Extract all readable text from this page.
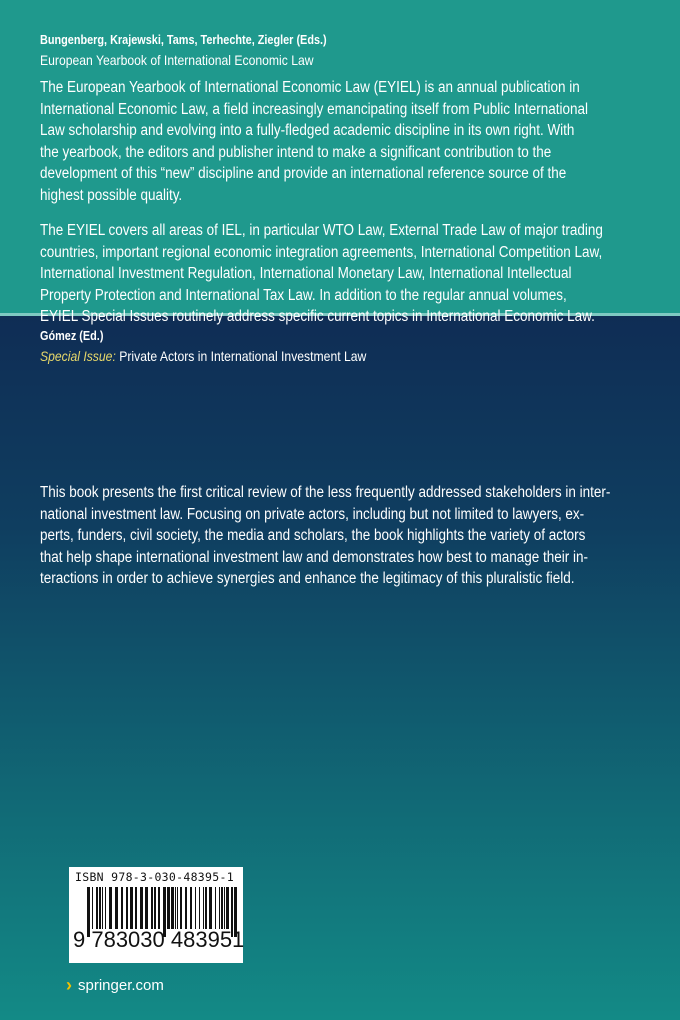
Bungenberg, Krajewski, Tams, Terhechte, Ziegler (Eds.)
European Yearbook of International Economic Law
The European Yearbook of International Economic Law (EYIEL) is an annual publication in
International Economic Law, a field increasingly emancipating itself from Public International
Law scholarship and evolving into a fully-fledged academic discipline in its own right. With
the yearbook, the editors and publisher intend to make a significant contribution to the
development of this “new” discipline and provide an international reference source of the
highest possible quality.
The EYIEL covers all areas of IEL, in particular WTO Law, External Trade Law of major trading
countries, important regional economic integration agreements, International Competition Law,
International Investment Regulation, International Monetary Law, International Intellectual
Property Protection and International Tax Law. In addition to the regular annual volumes,
EYIEL Special Issues routinely address specific current topics in International Economic Law.
Gómez (Ed.)
Special Issue: Private Actors in International Investment Law
This book presents the first critical review of the less frequently addressed stakeholders in inter-
national investment law. Focusing on private actors, including but not limited to lawyers, ex-
perts, funders, civil society, the media and scholars, the book highlights the variety of actors
that help shape international investment law and demonstrates how best to manage their in-
teractions in order to achieve synergies and enhance the legitimacy of this pluralistic field.
ISBN 978-3-030-48395-1
9 783030 483951
› springer.com
